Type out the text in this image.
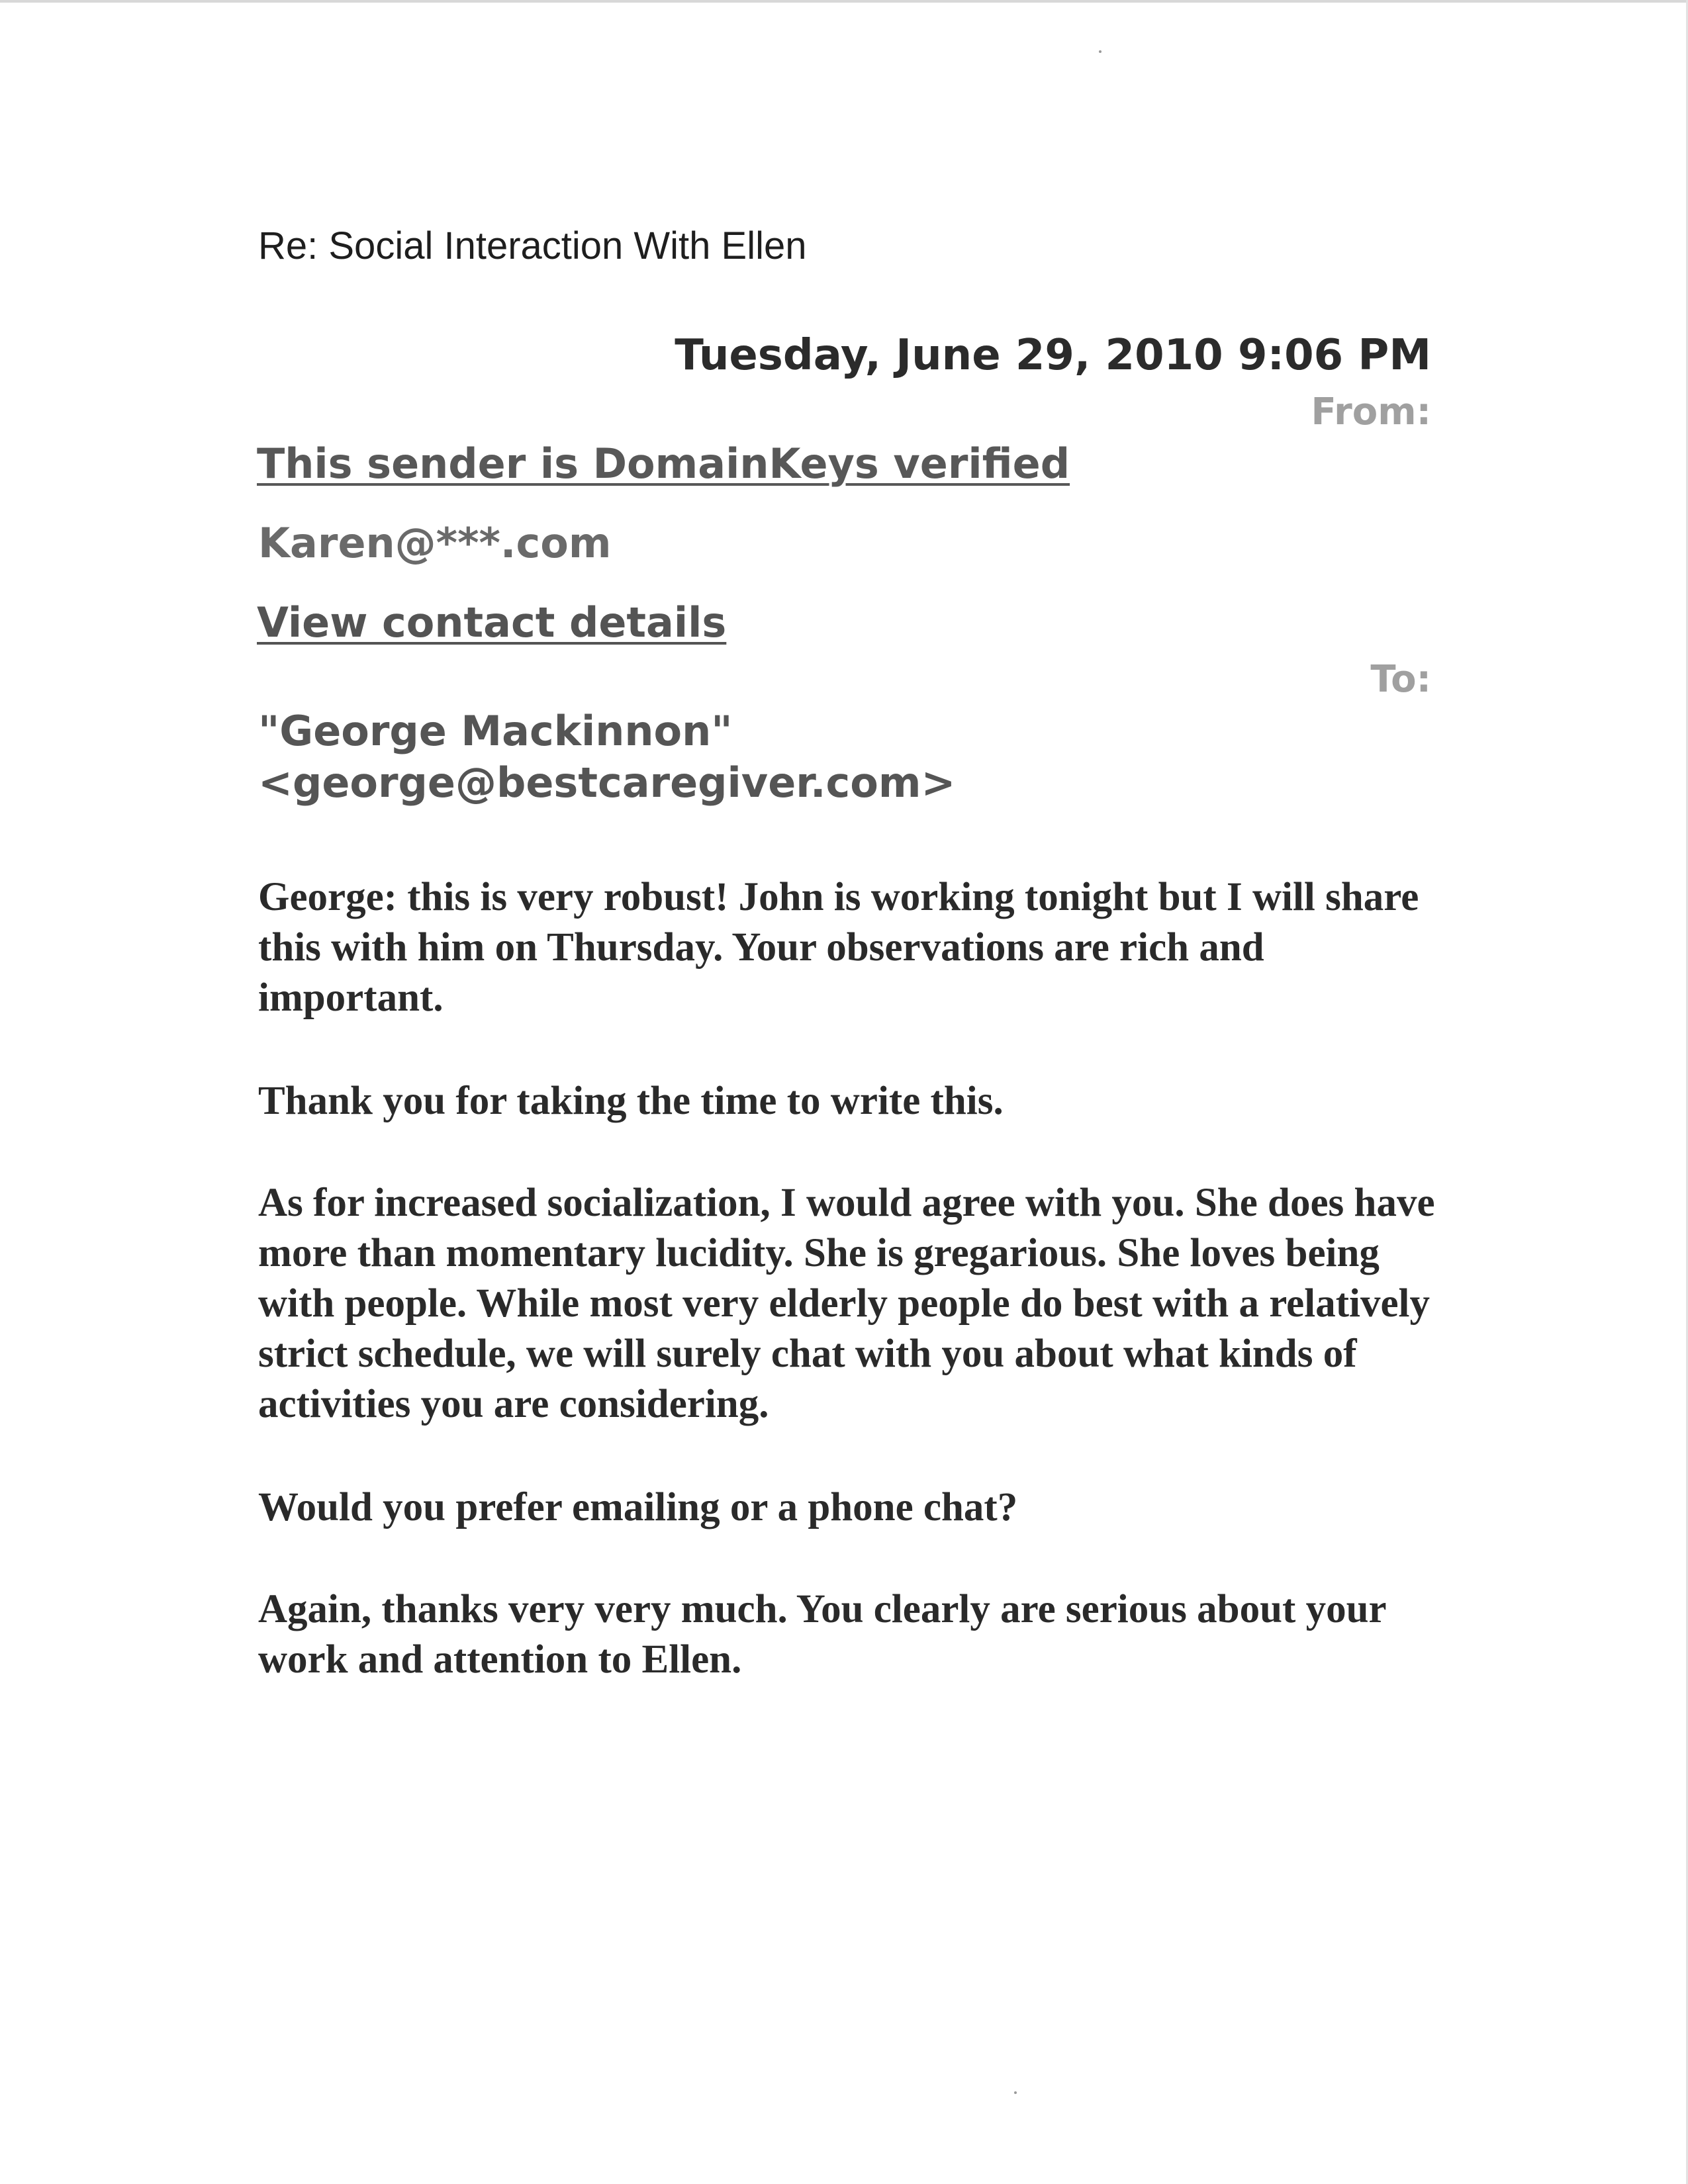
Re: Social Interaction With Ellen
Tuesday, June 29, 2010 9:06 PM
From:
This sender is DomainKeys verified
Karen@***.com
View contact details
To:
"George Mackinnon"
<george@bestcaregiver.com>

George: this is very robust! John is working tonight but I will share this with him on Thursday. Your observations are rich and important.

Thank you for taking the time to write this.

As for increased socialization, I would agree with you. She does have more than momentary lucidity. She is gregarious. She loves being with people. While most very elderly people do best with a relatively strict schedule, we will surely chat with you about what kinds of activities you are considering.

Would you prefer emailing or a phone chat?

Again, thanks very very much. You clearly are serious about your work and attention to Ellen.
